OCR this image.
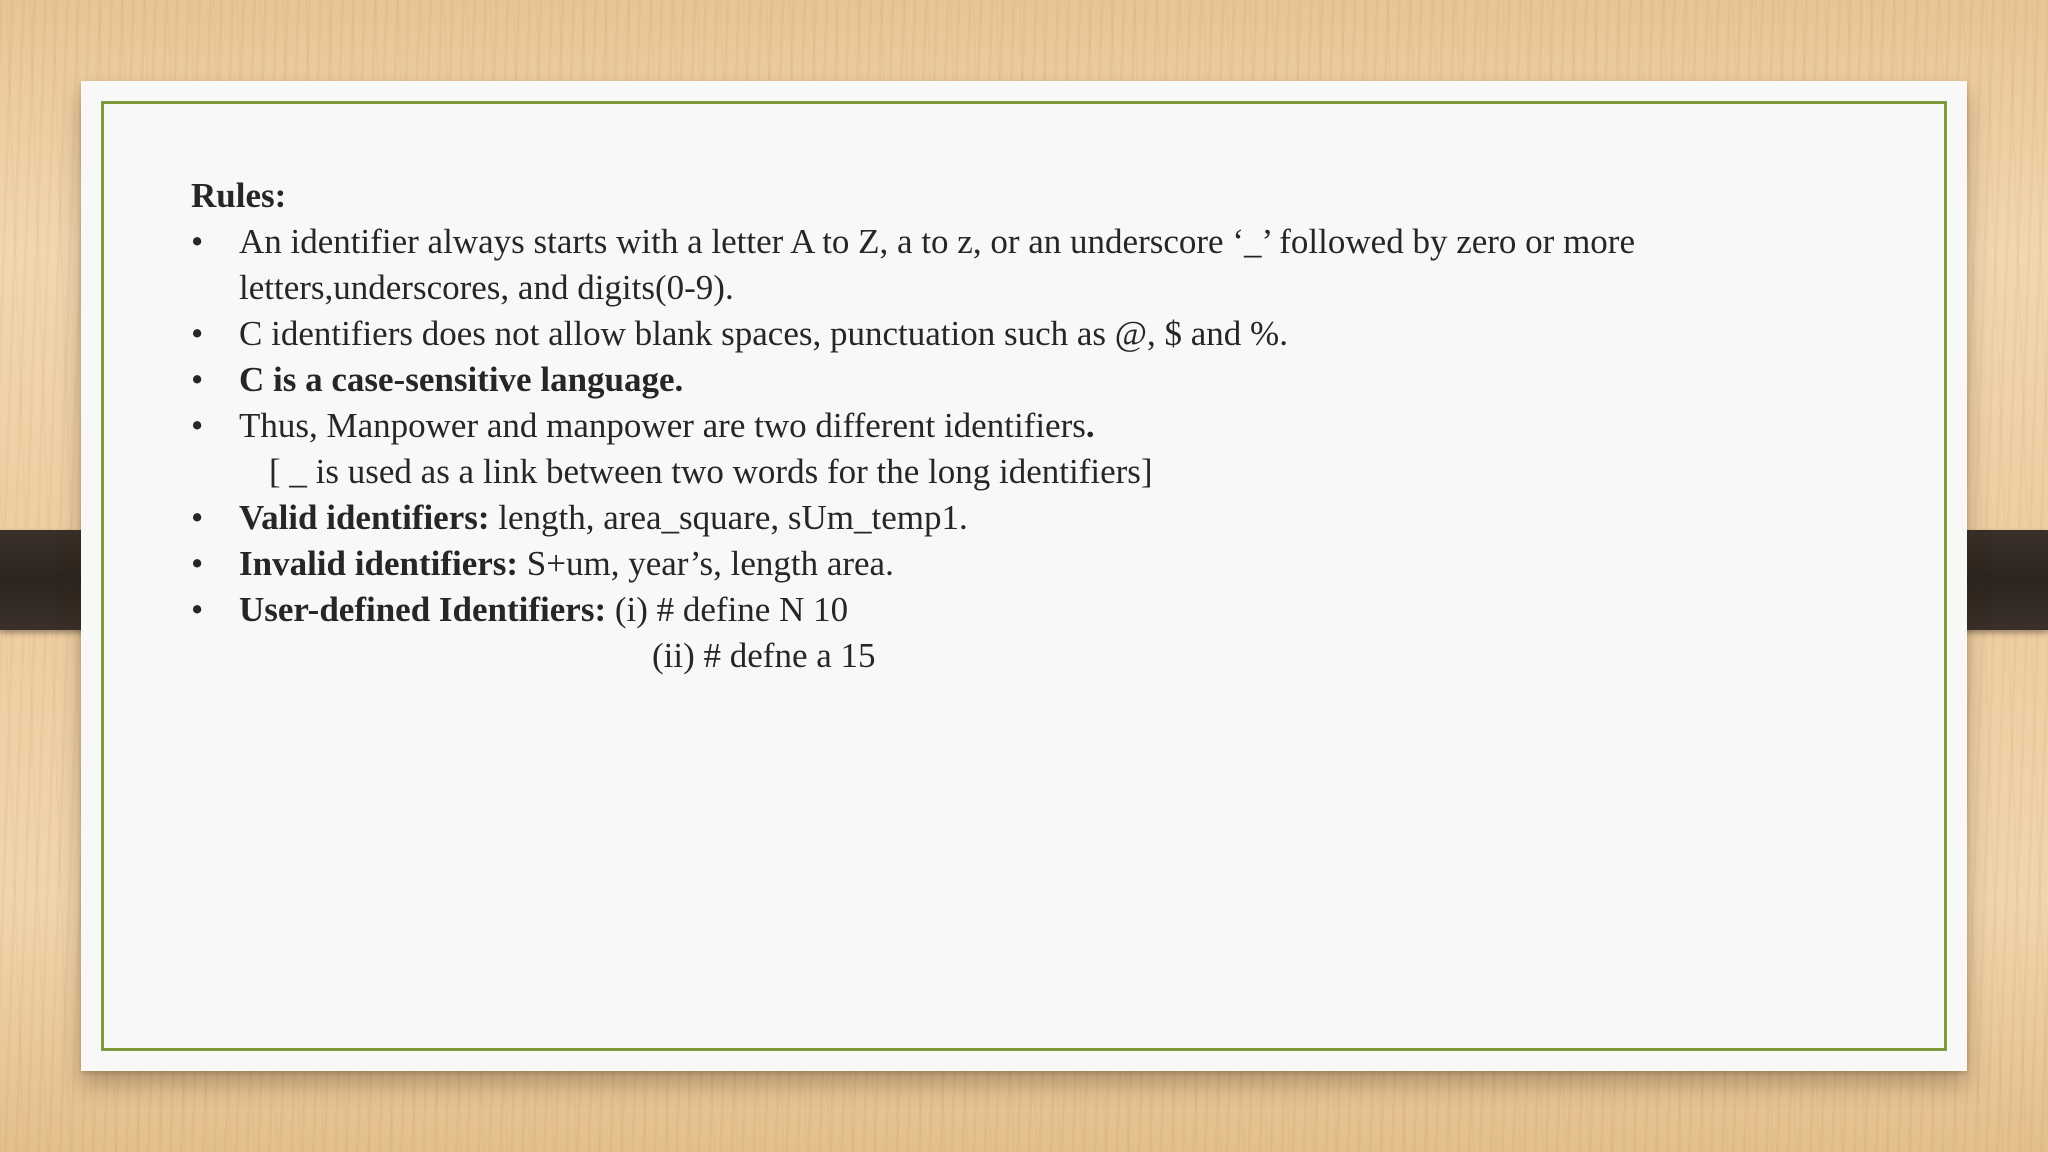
Rules:
• An identifier always starts with a letter A to Z, a to z, or an underscore ‘_’ followed by zero or more
letters,underscores, and digits(0-9).
• C identifiers does not allow blank spaces, punctuation such as @, $ and %.
• C is a case-sensitive language.
• Thus, Manpower and manpower are two different identifiers.
[ _ is used as a link between two words for the long identifiers]
• Valid identifiers: length, area_square, sUm_temp1.
• Invalid identifiers: S+um, year’s, length area.
• User-defined Identifiers: (i) # define N 10
(ii) # defne a 15
